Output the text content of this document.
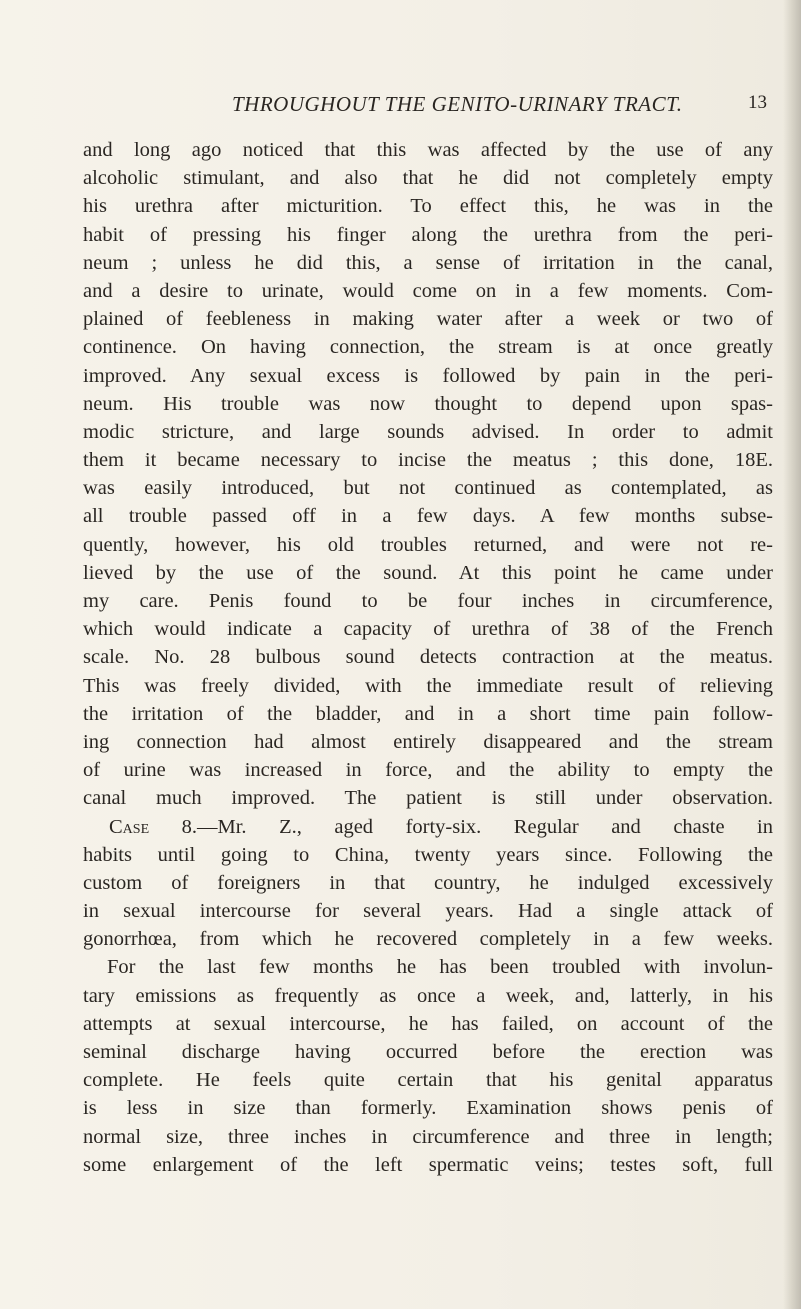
THROUGHOUT THE GENITO-URINARY TRACT.	13
and long ago noticed that this was affected by the use of any
alcoholic stimulant, and also that he did not completely empty
his urethra after micturition. To effect this, he was in the
habit of pressing his finger along the urethra from the peri-
neum ; unless he did this, a sense of irritation in the canal,
and a desire to urinate, would come on in a few moments. Com-
plained of feebleness in making water after a week or two of
continence. On having connection, the stream is at once greatly
improved. Any sexual excess is followed by pain in the peri-
neum. His trouble was now thought to depend upon spas-
modic stricture, and large sounds advised. In order to admit
them it became necessary to incise the meatus ; this done, 18E.
was easily introduced, but not continued as contemplated, as
all trouble passed off in a few days. A few months subse-
quently, however, his old troubles returned, and were not re-
lieved by the use of the sound. At this point he came under
my care. Penis found to be four inches in circumference,
which would indicate a capacity of urethra of 38 of the French
scale. No. 28 bulbous sound detects contraction at the meatus.
This was freely divided, with the immediate result of relieving
the irritation of the bladder, and in a short time pain follow-
ing connection had almost entirely disappeared and the stream
of urine was increased in force, and the ability to empty the
canal much improved. The patient is still under observation.
Case 8.—Mr. Z., aged forty-six. Regular and chaste in
habits until going to China, twenty years since. Following the
custom of foreigners in that country, he indulged excessively
in sexual intercourse for several years. Had a single attack of
gonorrhœa, from which he recovered completely in a few weeks.
For the last few months he has been troubled with involun-
tary emissions as frequently as once a week, and, latterly, in his
attempts at sexual intercourse, he has failed, on account of the
seminal discharge having occurred before the erection was
complete. He feels quite certain that his genital apparatus
is less in size than formerly. Examination shows penis of
normal size, three inches in circumference and three in length;
some enlargement of the left spermatic veins; testes soft, full
